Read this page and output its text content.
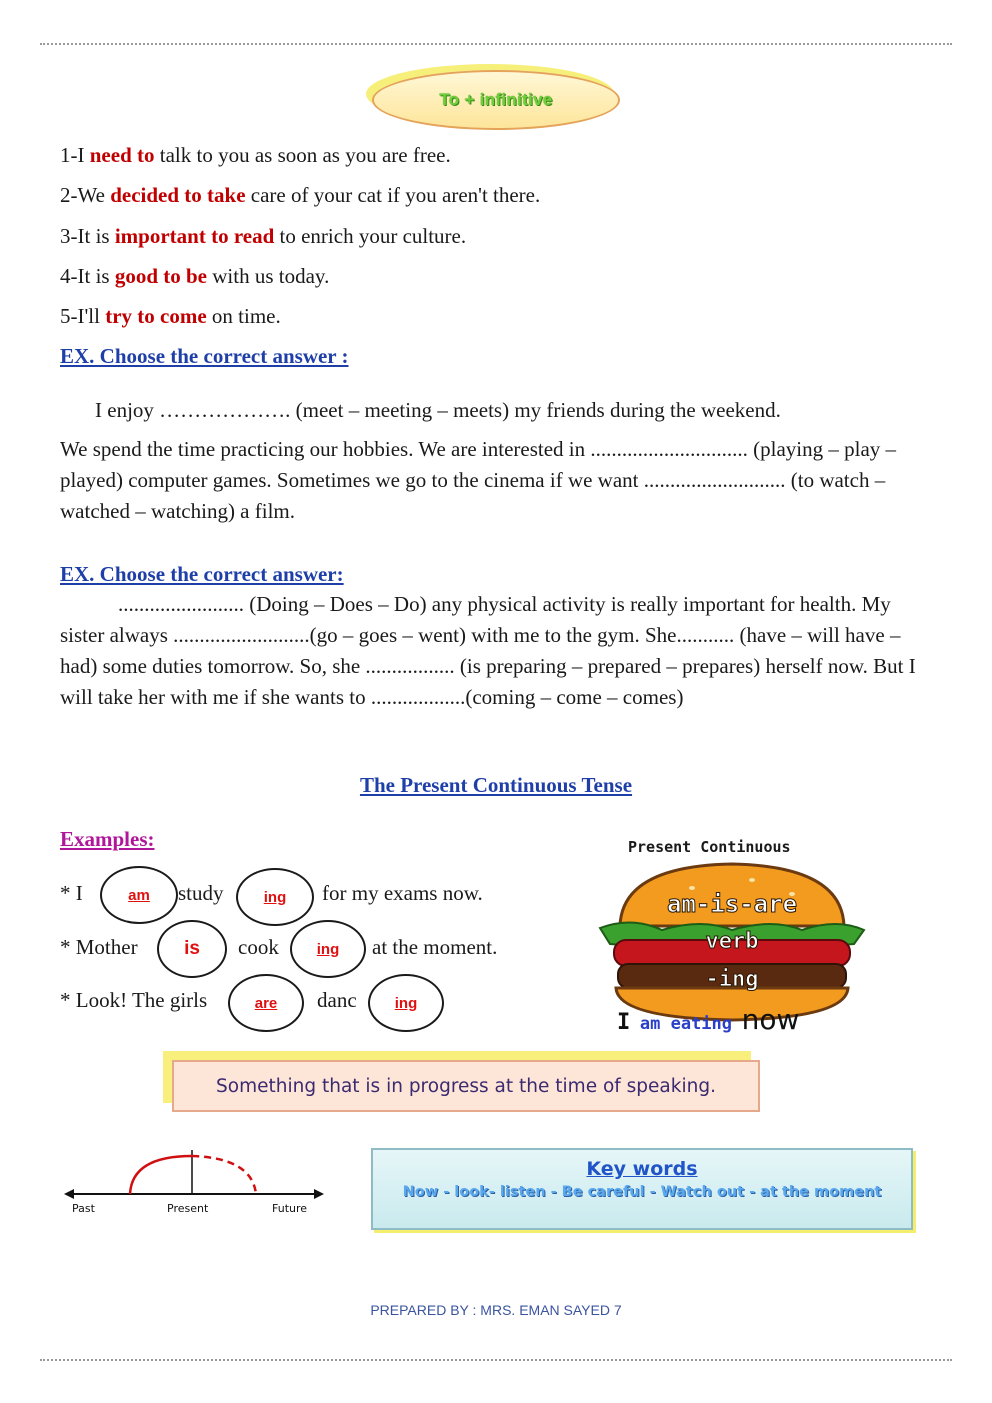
To + infinitive
1-I need to talk to you as soon as you are free.
2-We decided to take care of your cat if you aren't there.
3-It is important to read to enrich your culture.
4-It is good to be with us today.
5-I'll try to come on time.
EX. Choose the correct answer :
I enjoy ………………. (meet – meeting – meets) my friends during the weekend.
We spend the time practicing our hobbies. We are interested in .............................. (playing – play – played) computer games. Sometimes we go to the cinema if we want ........................... (to watch – watched – watching) a film.
EX. Choose the correct answer:
........................ (Doing – Does – Do) any physical activity is really important for health. My sister always ..........................(go – goes – went) with me to the gym. She........... (have – will have – had) some duties tomorrow. So, she ................. (is preparing – prepared – prepares) herself now. But I will take her with me if she wants to ..................(coming – come – comes)
The Present Continuous Tense
Examples:
* I	am study	ing for my exams now.
* Mother is cook	ing at the moment.
* Look! The girls	are danc	ing
Present Continuous
am-is-are
verb
-ing
I am eating now
Something that is in progress at the time of speaking.
Past	Present	Future
Key words
Now - look- listen - Be careful - Watch out - at the moment
PREPARED BY : MRS. EMAN SAYED 7
